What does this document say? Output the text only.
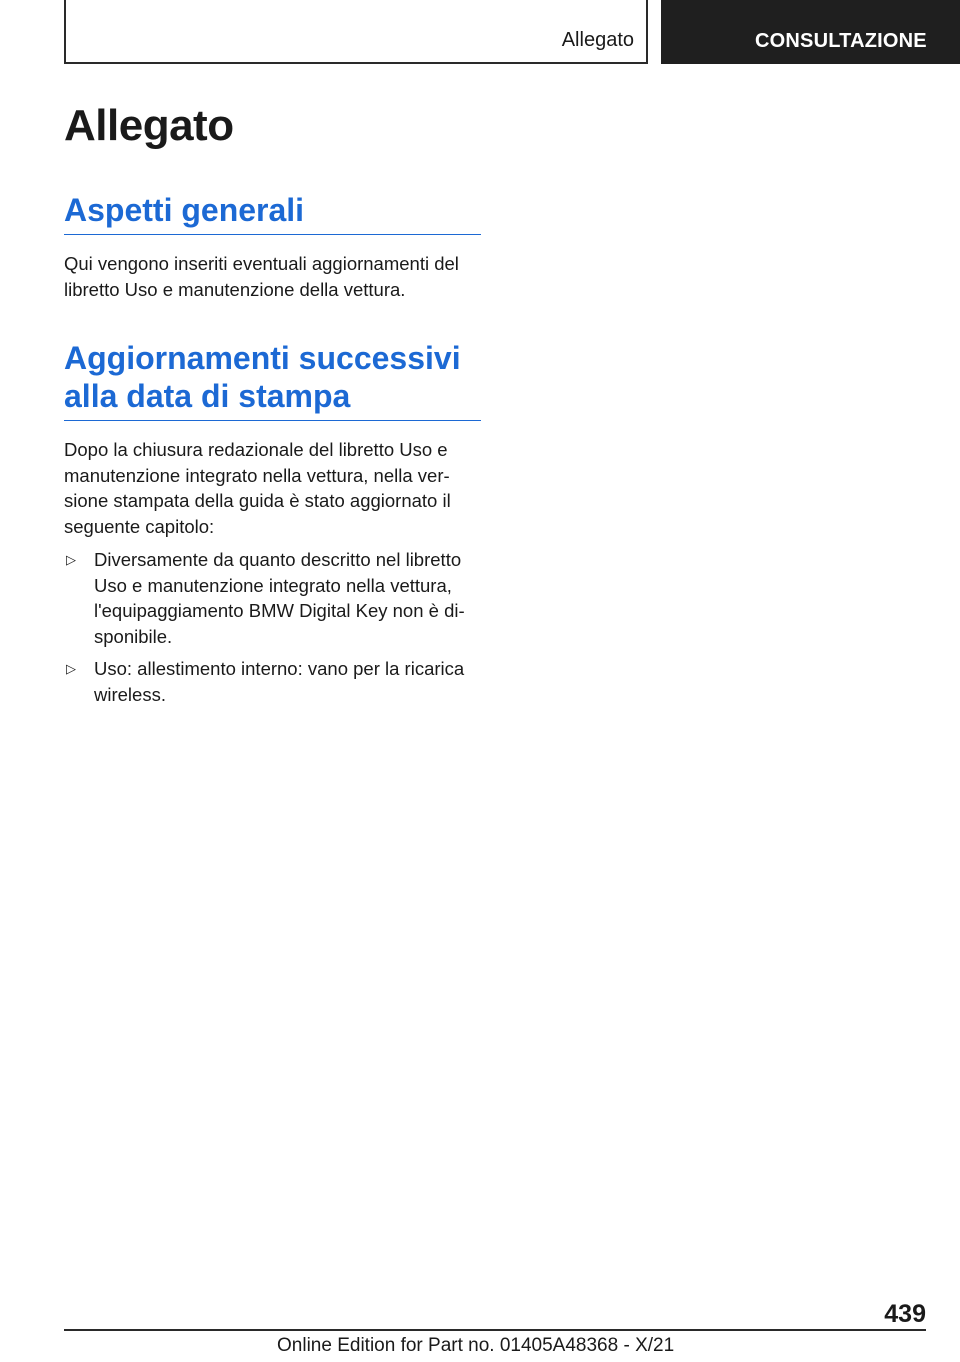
Allegato	CONSULTAZIONE
Allegato
Aspetti generali

Qui vengono inseriti eventuali aggiornamenti del libretto Uso e manutenzione della vettura.

Aggiornamenti successivi alla data di stampa

Dopo la chiusura redazionale del libretto Uso e manutenzione integrato nella vettura, nella versione stampata della guida è stato aggiornato il seguente capitolo:

▷ Diversamente da quanto descritto nel libretto Uso e manutenzione integrato nella vettura, l'equipaggiamento BMW Digital Key non è disponibile.
▷ Uso: allestimento interno: vano per la ricarica wireless.
439
Online Edition for Part no. 01405A48368 - X/21
